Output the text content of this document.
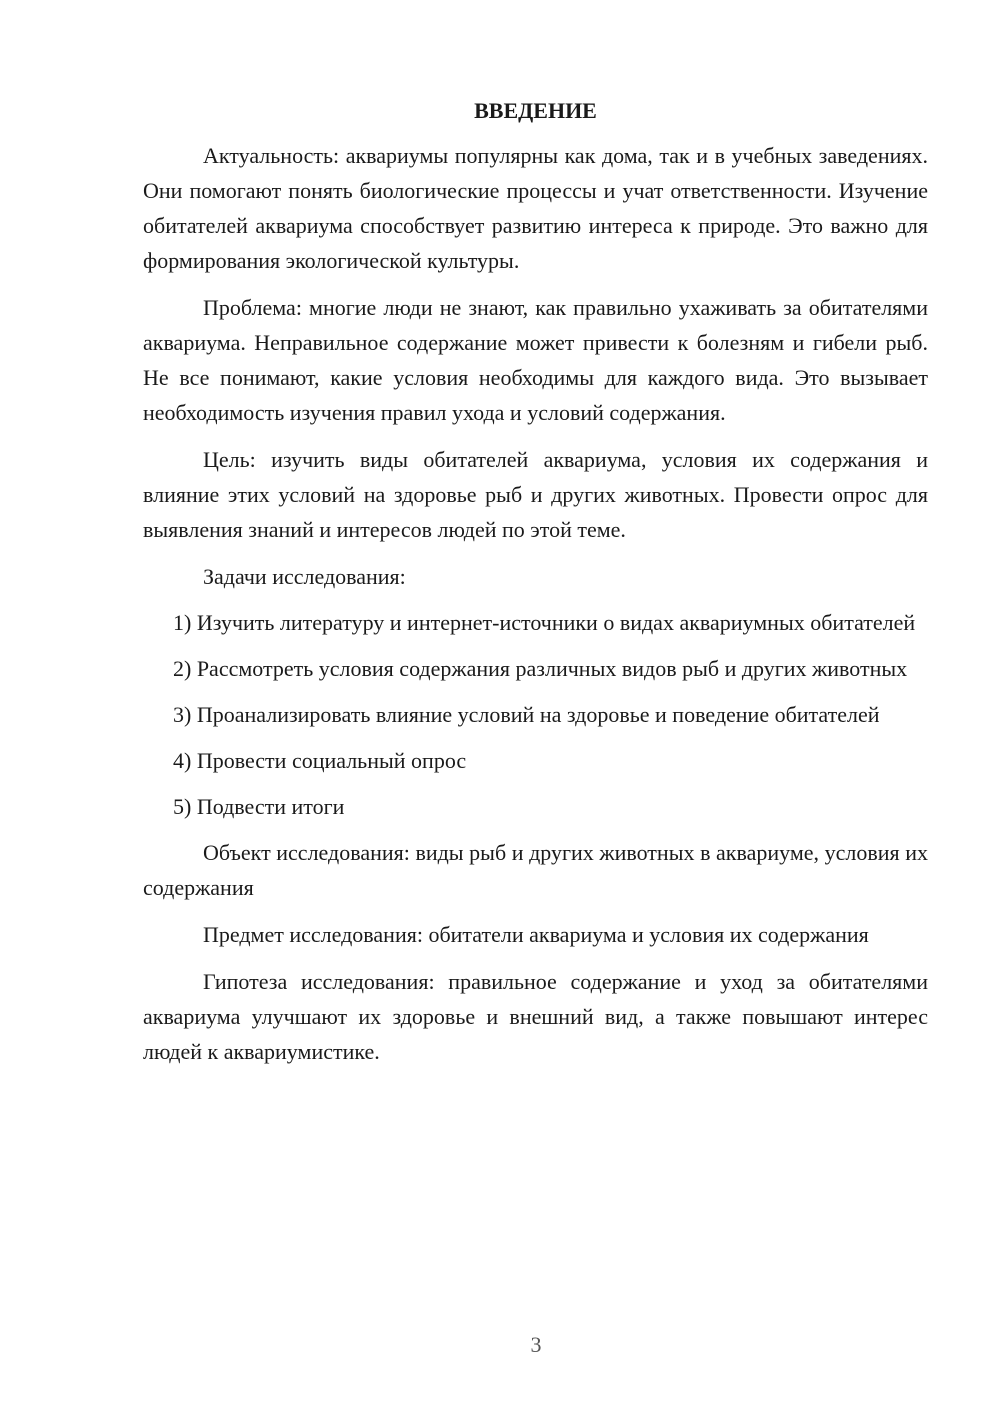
ВВЕДЕНИЕ

Актуальность: аквариумы популярны как дома, так и в учебных заведениях. Они помогают понять биологические процессы и учат ответственности. Изучение обитателей аквариума способствует развитию интереса к природе. Это важно для формирования экологической культуры.

Проблема: многие люди не знают, как правильно ухаживать за обитателями аквариума. Неправильное содержание может привести к болезням и гибели рыб. Не все понимают, какие условия необходимы для каждого вида. Это вызывает необходимость изучения правил ухода и условий содержания.

Цель: изучить виды обитателей аквариума, условия их содержания и влияние этих условий на здоровье рыб и других животных. Провести опрос для выявления знаний и интересов людей по этой теме.

Задачи исследования:

1) Изучить литературу и интернет-источники о видах аквариумных обитателей

2) Рассмотреть условия содержания различных видов рыб и других животных

3) Проанализировать влияние условий на здоровье и поведение обитателей

4) Провести социальный опрос

5) Подвести итоги

Объект исследования: виды рыб и других животных в аквариуме, условия их содержания

Предмет исследования: обитатели аквариума и условия их содержания

Гипотеза исследования: правильное содержание и уход за обитателями аквариума улучшают их здоровье и внешний вид, а также повышают интерес людей к аквариумистике.

3
